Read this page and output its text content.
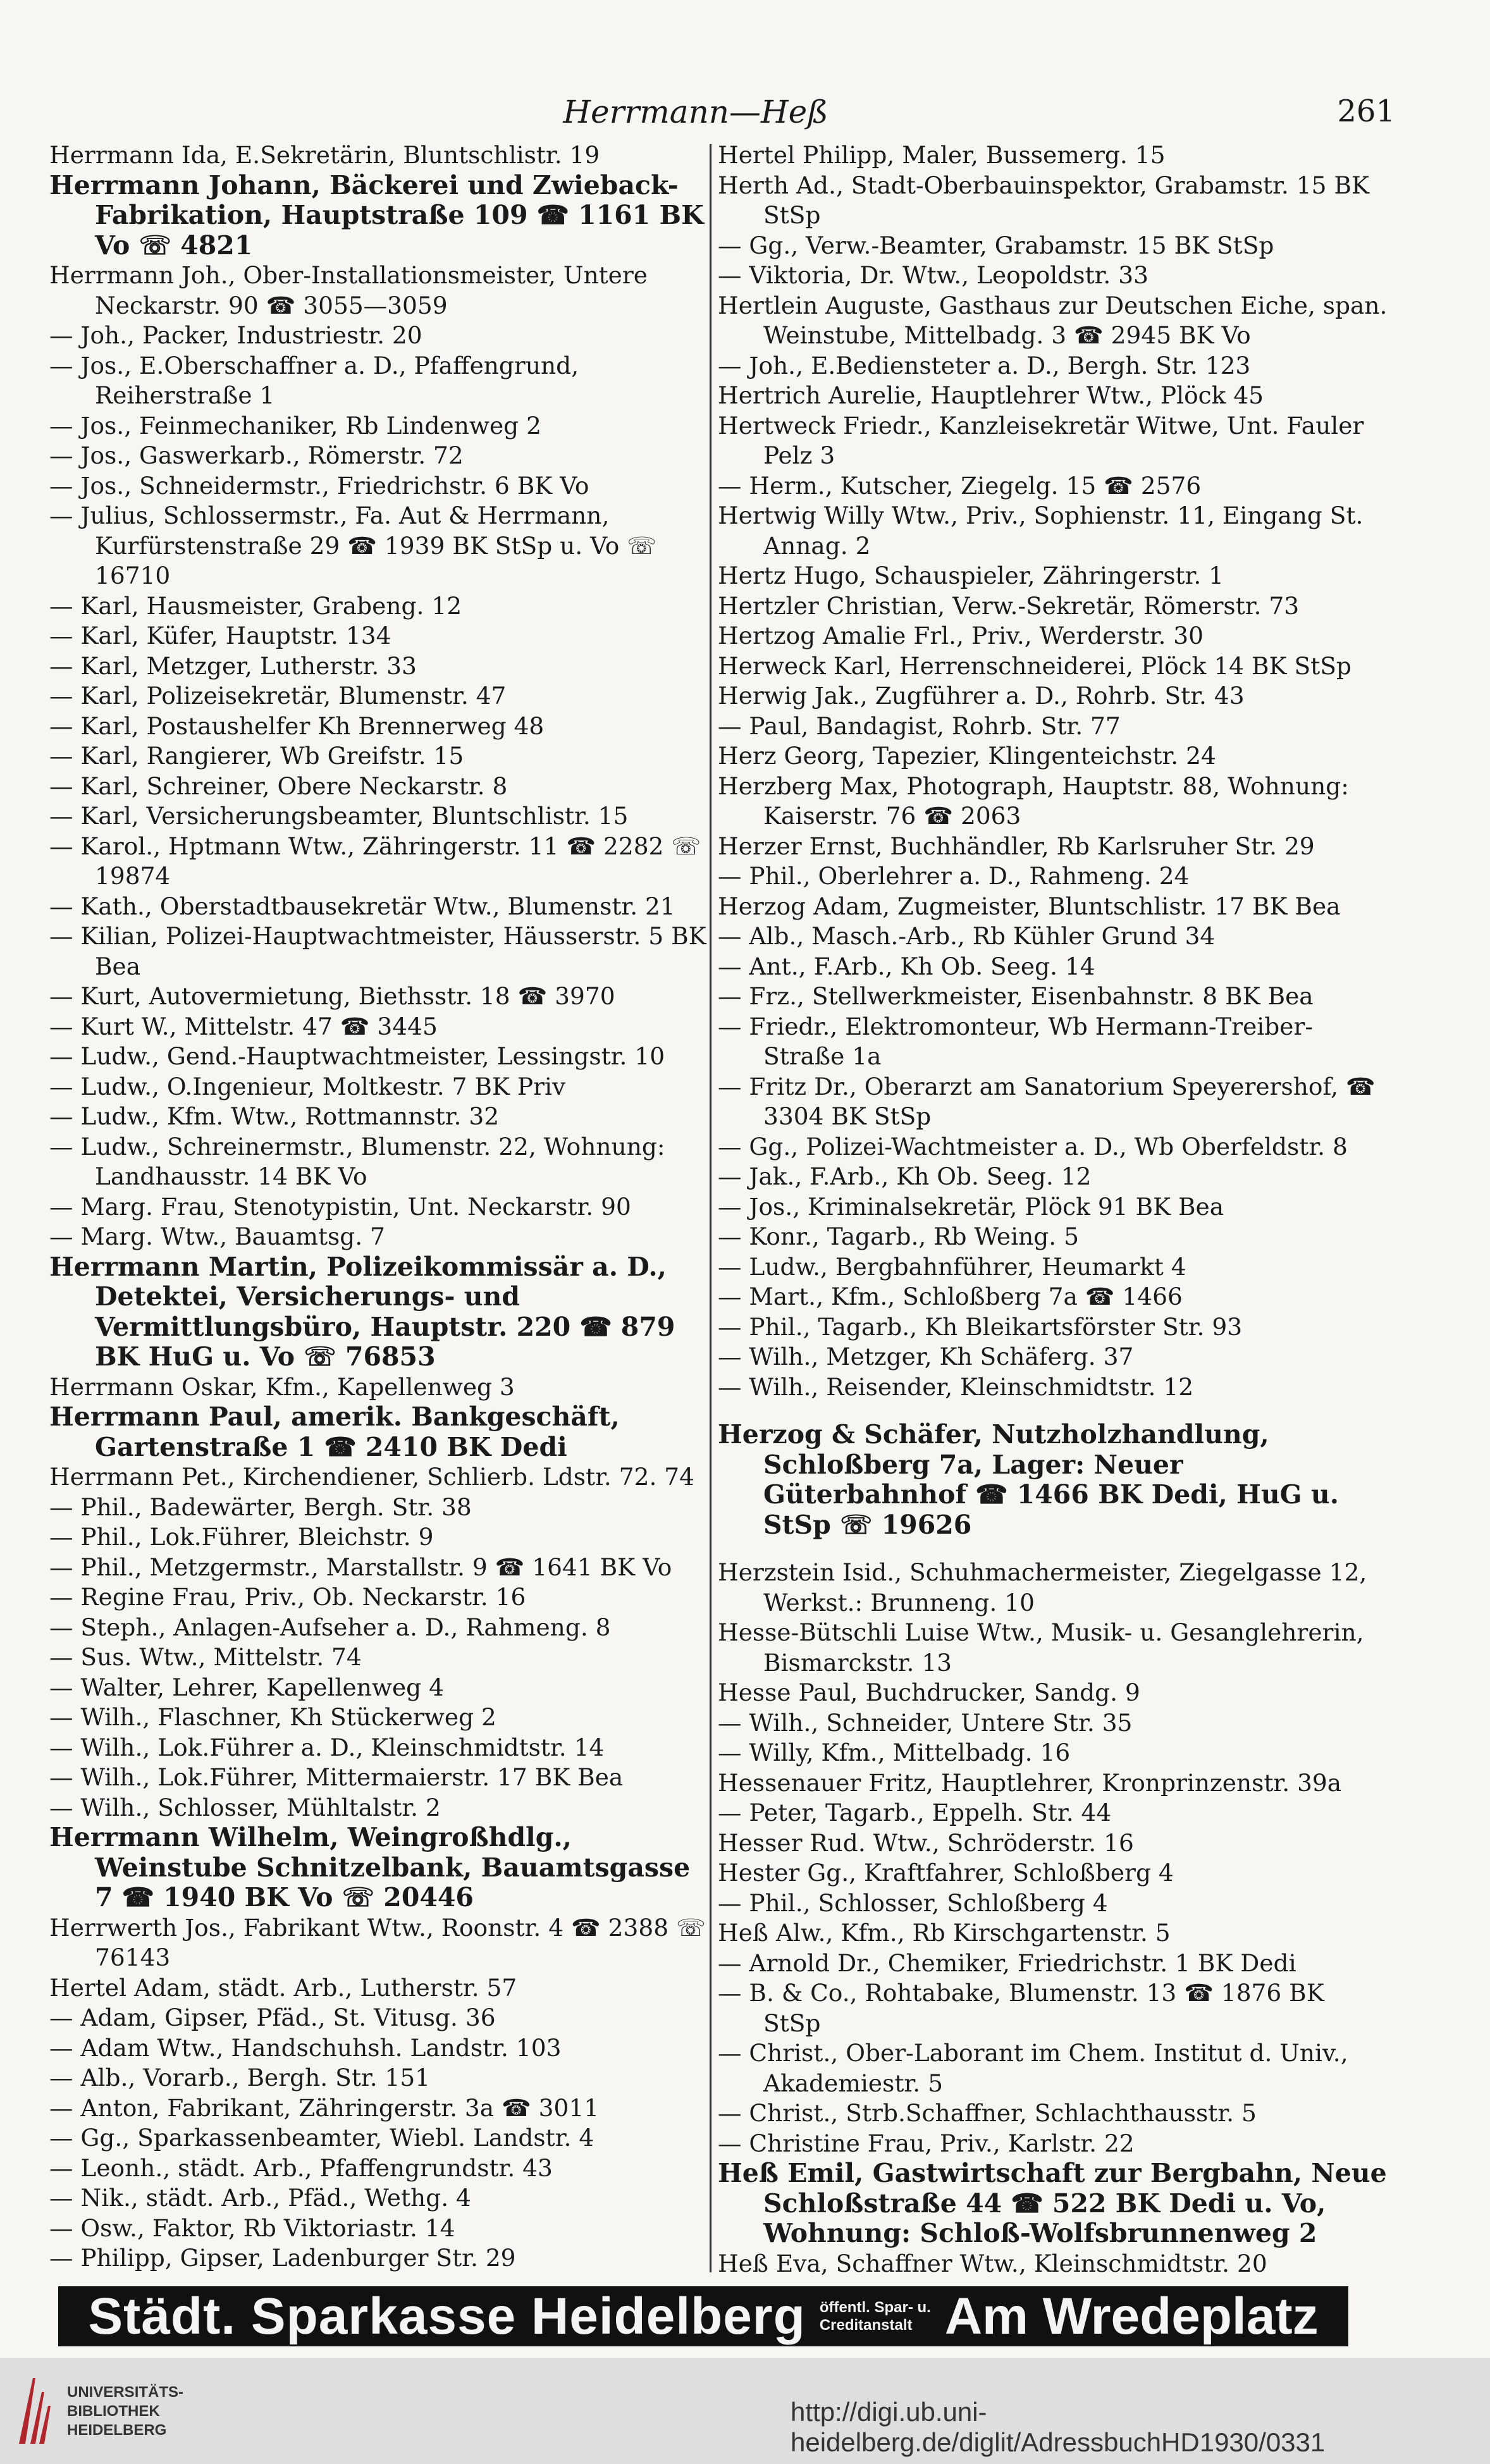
Herrmann—Heß	261

Herrmann Ida, E.Sekretärin, Bluntschlistr. 19

Herrmann Johann, Bäckerei und Zwieback-Fabrikation, Hauptstraße 109 ☎ 1161 BK Vo ☏ 4821

Herrmann Joh., Ober-Installationsmeister, Untere Neckarstr. 90 ☎ 3055—3059

— Joh., Packer, Industriestr. 20

— Jos., E.Oberschaffner a. D., Pfaffengrund, Reiherstraße 1

— Jos., Feinmechaniker, Rb Lindenweg 2

— Jos., Gaswerkarb., Römerstr. 72

— Jos., Schneidermstr., Friedrichstr. 6 BK Vo

— Julius, Schlossermstr., Fa. Aut & Herrmann, Kurfürstenstraße 29 ☎ 1939 BK StSp u. Vo ☏ 16710

— Karl, Hausmeister, Grabeng. 12

— Karl, Küfer, Hauptstr. 134

— Karl, Metzger, Lutherstr. 33

— Karl, Polizeisekretär, Blumenstr. 47

— Karl, Postaushelfer Kh Brennerweg 48

— Karl, Rangierer, Wb Greifstr. 15

— Karl, Schreiner, Obere Neckarstr. 8

— Karl, Versicherungsbeamter, Bluntschlistr. 15

— Karol., Hptmann Wtw., Zähringerstr. 11 ☎ 2282 ☏ 19874

— Kath., Oberstadtbausekretär Wtw., Blumenstr. 21

— Kilian, Polizei-Hauptwachtmeister, Häusserstr. 5 BK Bea

— Kurt, Autovermietung, Biethsstr. 18 ☎ 3970

— Kurt W., Mittelstr. 47 ☎ 3445

— Ludw., Gend.-Hauptwachtmeister, Lessingstr. 10

— Ludw., O.Ingenieur, Moltkestr. 7 BK Priv

— Ludw., Kfm. Wtw., Rottmannstr. 32

— Ludw., Schreinermstr., Blumenstr. 22, Wohnung: Landhausstr. 14 BK Vo

— Marg. Frau, Stenotypistin, Unt. Neckarstr. 90

— Marg. Wtw., Bauamtsg. 7

Herrmann Martin, Polizeikommissär a. D., Detektei, Versicherungs- und Vermittlungsbüro, Hauptstr. 220 ☎ 879 BK HuG u. Vo ☏ 76853

Herrmann Oskar, Kfm., Kapellenweg 3

Herrmann Paul, amerik. Bankgeschäft, Gartenstraße 1 ☎ 2410 BK Dedi

Herrmann Pet., Kirchendiener, Schlierb. Ldstr. 72. 74

— Phil., Badewärter, Bergh. Str. 38

— Phil., Lok.Führer, Bleichstr. 9

— Phil., Metzgermstr., Marstallstr. 9 ☎ 1641 BK Vo

— Regine Frau, Priv., Ob. Neckarstr. 16

— Steph., Anlagen-Aufseher a. D., Rahmeng. 8

— Sus. Wtw., Mittelstr. 74

— Walter, Lehrer, Kapellenweg 4

— Wilh., Flaschner, Kh Stückerweg 2

— Wilh., Lok.Führer a. D., Kleinschmidtstr. 14

— Wilh., Lok.Führer, Mittermaierstr. 17 BK Bea

— Wilh., Schlosser, Mühltalstr. 2

Herrmann Wilhelm, Weingroßhdlg., Weinstube Schnitzelbank, Bauamtsgasse 7 ☎ 1940 BK Vo ☏ 20446

Herrwerth Jos., Fabrikant Wtw., Roonstr. 4 ☎ 2388 ☏ 76143

Hertel Adam, städt. Arb., Lutherstr. 57

— Adam, Gipser, Pfäd., St. Vitusg. 36

— Adam Wtw., Handschuhsh. Landstr. 103

— Alb., Vorarb., Bergh. Str. 151

— Anton, Fabrikant, Zähringerstr. 3a ☎ 3011

— Gg., Sparkassenbeamter, Wiebl. Landstr. 4

— Leonh., städt. Arb., Pfaffengrundstr. 43

— Nik., städt. Arb., Pfäd., Wethg. 4

— Osw., Faktor, Rb Viktoriastr. 14

— Philipp, Gipser, Ladenburger Str. 29

Hertel Philipp, Maler, Bussemerg. 15

Herth Ad., Stadt-Oberbauinspektor, Grabamstr. 15 BK StSp

— Gg., Verw.-Beamter, Grabamstr. 15 BK StSp

— Viktoria, Dr. Wtw., Leopoldstr. 33

Hertlein Auguste, Gasthaus zur Deutschen Eiche, span. Weinstube, Mittelbadg. 3 ☎ 2945 BK Vo

— Joh., E.Bediensteter a. D., Bergh. Str. 123

Hertrich Aurelie, Hauptlehrer Wtw., Plöck 45

Hertweck Friedr., Kanzleisekretär Witwe, Unt. Fauler Pelz 3

— Herm., Kutscher, Ziegelg. 15 ☎ 2576

Hertwig Willy Wtw., Priv., Sophienstr. 11, Eingang St. Annag. 2

Hertz Hugo, Schauspieler, Zähringerstr. 1

Hertzler Christian, Verw.-Sekretär, Römerstr. 73

Hertzog Amalie Frl., Priv., Werderstr. 30

Herweck Karl, Herrenschneiderei, Plöck 14 BK StSp

Herwig Jak., Zugführer a. D., Rohrb. Str. 43

— Paul, Bandagist, Rohrb. Str. 77

Herz Georg, Tapezier, Klingenteichstr. 24

Herzberg Max, Photograph, Hauptstr. 88, Wohnung: Kaiserstr. 76 ☎ 2063

Herzer Ernst, Buchhändler, Rb Karlsruher Str. 29

— Phil., Oberlehrer a. D., Rahmeng. 24

Herzog Adam, Zugmeister, Bluntschlistr. 17 BK Bea

— Alb., Masch.-Arb., Rb Kühler Grund 34

— Ant., F.Arb., Kh Ob. Seeg. 14

— Frz., Stellwerkmeister, Eisenbahnstr. 8 BK Bea

— Friedr., Elektromonteur, Wb Hermann-Treiber-Straße 1a

— Fritz Dr., Oberarzt am Sanatorium Speyerershof, ☎ 3304 BK StSp

— Gg., Polizei-Wachtmeister a. D., Wb Oberfeldstr. 8

— Jak., F.Arb., Kh Ob. Seeg. 12

— Jos., Kriminalsekretär, Plöck 91 BK Bea

— Konr., Tagarb., Rb Weing. 5

— Ludw., Bergbahnführer, Heumarkt 4

— Mart., Kfm., Schloßberg 7a ☎ 1466

— Phil., Tagarb., Kh Bleikartsförster Str. 93

— Wilh., Metzger, Kh Schäferg. 37

— Wilh., Reisender, Kleinschmidtstr. 12

Herzog & Schäfer, Nutzholzhandlung, Schloßberg 7a, Lager: Neuer Güterbahnhof ☎ 1466 BK Dedi, HuG u. StSp ☏ 19626

Herzstein Isid., Schuhmachermeister, Ziegelgasse 12, Werkst.: Brunneng. 10

Hesse-Bütschli Luise Wtw., Musik- u. Gesanglehrerin, Bismarckstr. 13

Hesse Paul, Buchdrucker, Sandg. 9

— Wilh., Schneider, Untere Str. 35

— Willy, Kfm., Mittelbadg. 16

Hessenauer Fritz, Hauptlehrer, Kronprinzenstr. 39a

— Peter, Tagarb., Eppelh. Str. 44

Hesser Rud. Wtw., Schröderstr. 16

Hester Gg., Kraftfahrer, Schloßberg 4

— Phil., Schlosser, Schloßberg 4

Heß Alw., Kfm., Rb Kirschgartenstr. 5

— Arnold Dr., Chemiker, Friedrichstr. 1 BK Dedi

— B. & Co., Rohtabake, Blumenstr. 13 ☎ 1876 BK StSp

— Christ., Ober-Laborant im Chem. Institut d. Univ., Akademiestr. 5

— Christ., Strb.Schaffner, Schlachthausstr. 5

— Christine Frau, Priv., Karlstr. 22

Heß Emil, Gastwirtschaft zur Bergbahn, Neue Schloßstraße 44 ☎ 522 BK Dedi u. Vo, Wohnung: Schloß-Wolfsbrunnenweg 2

Heß Eva, Schaffner Wtw., Kleinschmidtstr. 20

Städt. Sparkasse Heidelberg öffentl. Spar- u.
Creditanstalt Am Wredeplatz
UNIVERSITÄTS-
BIBLIOTHEK
HEIDELBERG
http://digi.ub.uni-heidelberg.de/diglit/AdressbuchHD1930/0331
